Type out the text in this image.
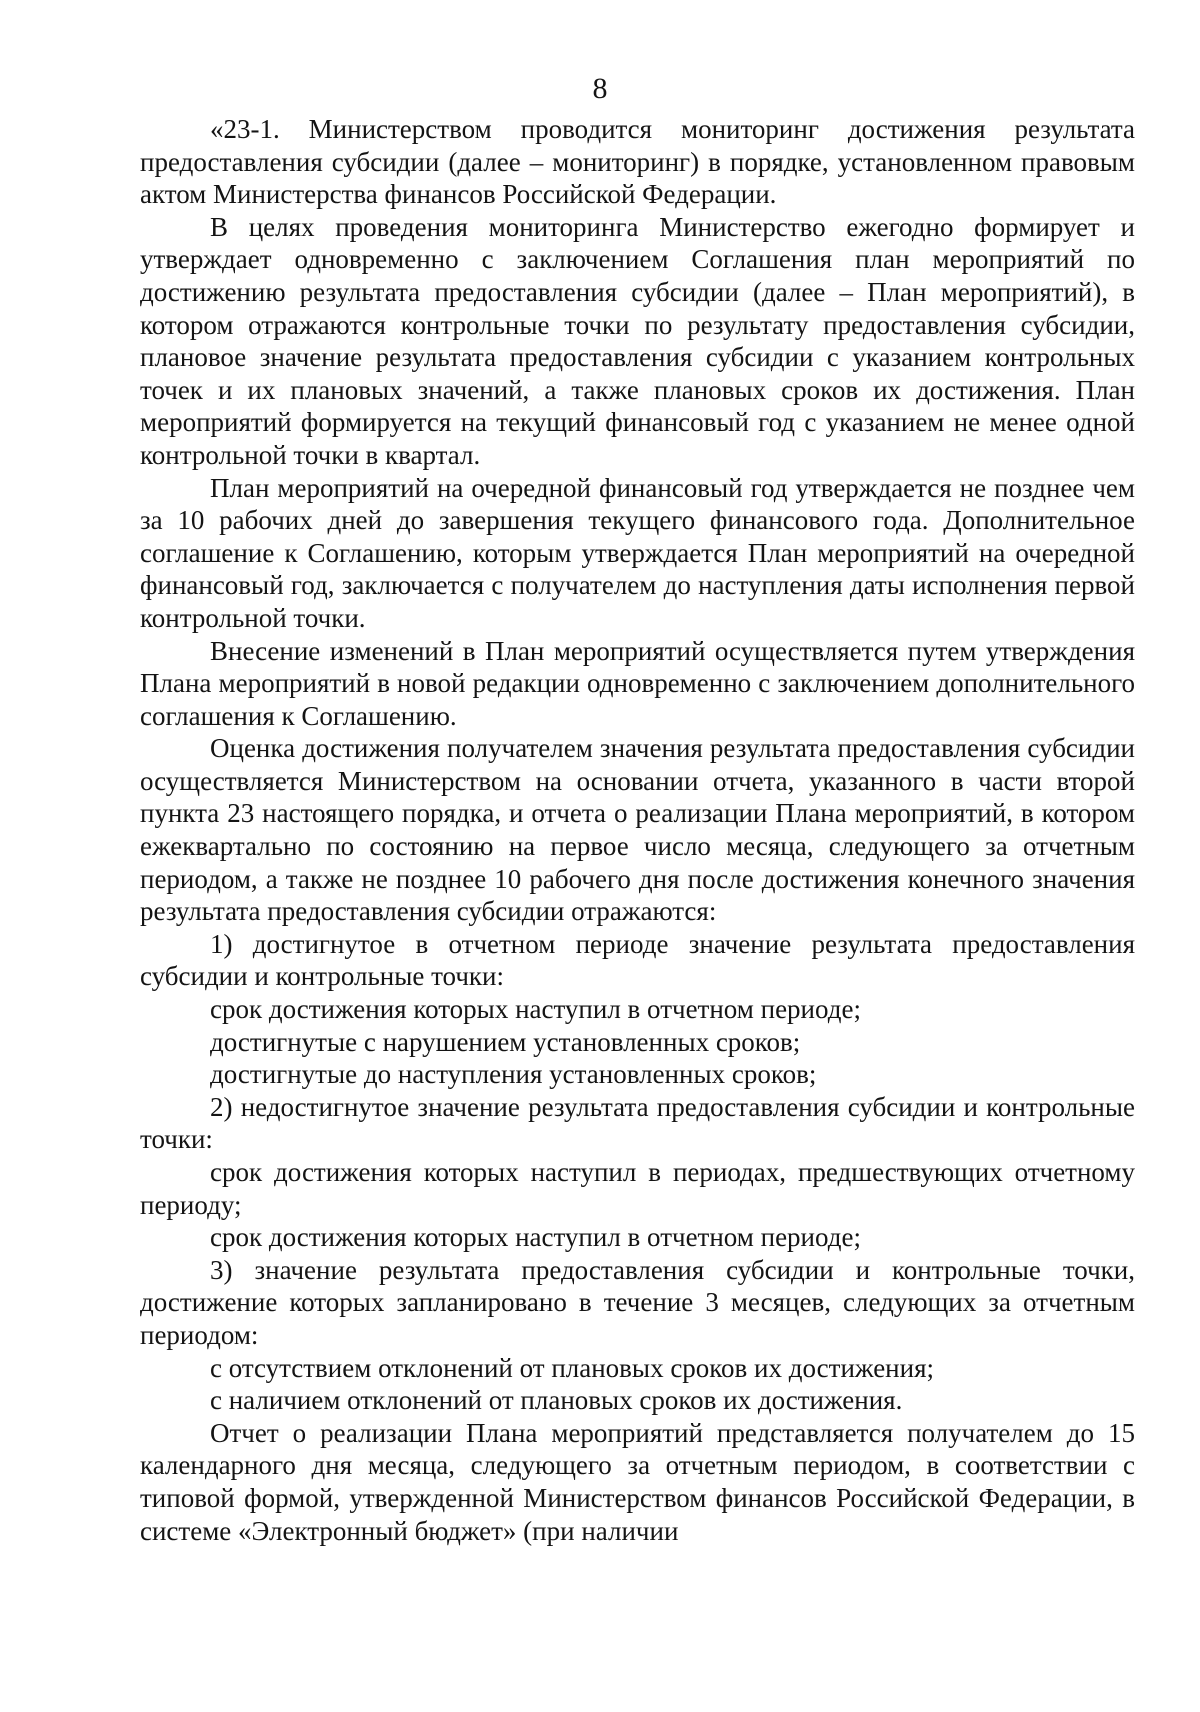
8

«23-1. Министерством проводится мониторинг достижения результата предоставления субсидии (далее – мониторинг) в порядке, установленном правовым актом Министерства финансов Российской Федерации.

В целях проведения мониторинга Министерство ежегодно формирует и утверждает одновременно с заключением Соглашения план мероприятий по достижению результата предоставления субсидии (далее – План мероприятий), в котором отражаются контрольные точки по результату предоставления субсидии, плановое значение результата предоставления субсидии с указанием контрольных точек и их плановых значений, а также плановых сроков их достижения. План мероприятий формируется на текущий финансовый год с указанием не менее одной контрольной точки в квартал.

План мероприятий на очередной финансовый год утверждается не позднее чем за 10 рабочих дней до завершения текущего финансового года. Дополнительное соглашение к Соглашению, которым утверждается План мероприятий на очередной финансовый год, заключается с получателем до наступления даты исполнения первой контрольной точки.

Внесение изменений в План мероприятий осуществляется путем утверждения Плана мероприятий в новой редакции одновременно с заключением дополнительного соглашения к Соглашению.

Оценка достижения получателем значения результата предоставления субсидии осуществляется Министерством на основании отчета, указанного в части второй пункта 23 настоящего порядка, и отчета о реализации Плана мероприятий, в котором ежеквартально по состоянию на первое число месяца, следующего за отчетным периодом, а также не позднее 10 рабочего дня после достижения конечного значения результата предоставления субсидии отражаются:

1) достигнутое в отчетном периоде значение результата предоставления субсидии и контрольные точки:

срок достижения которых наступил в отчетном периоде;

достигнутые с нарушением установленных сроков;

достигнутые до наступления установленных сроков;

2) недостигнутое значение результата предоставления субсидии и контрольные точки:

срок достижения которых наступил в периодах, предшествующих отчетному периоду;

срок достижения которых наступил в отчетном периоде;

3) значение результата предоставления субсидии и контрольные точки, достижение которых запланировано в течение 3 месяцев, следующих за отчетным периодом:

с отсутствием отклонений от плановых сроков их достижения;

с наличием отклонений от плановых сроков их достижения.

Отчет о реализации Плана мероприятий представляется получателем до 15 календарного дня месяца, следующего за отчетным периодом, в соответствии с типовой формой, утвержденной Министерством финансов Российской Федерации, в системе «Электронный бюджет» (при наличии
